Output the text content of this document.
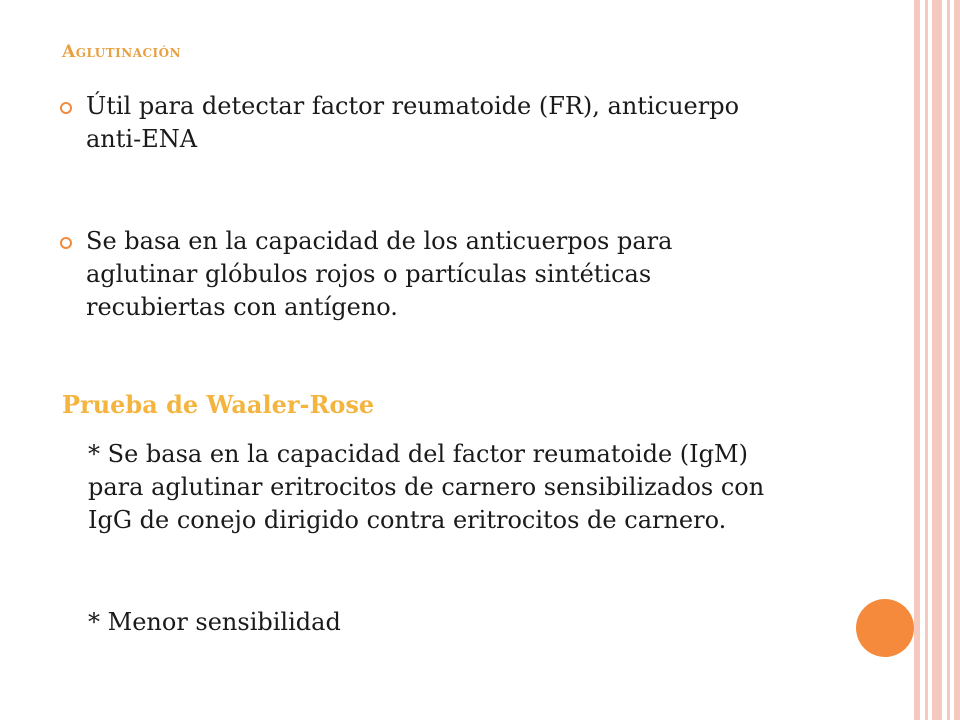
Aglutinación
Útil para detectar factor reumatoide (FR), anticuerpo
anti-ENA
Se basa en la capacidad de los anticuerpos para
aglutinar glóbulos rojos o partículas sintéticas
recubiertas con antígeno.
Prueba de Waaler-Rose
* Se basa en la capacidad del factor reumatoide (IgM)
para aglutinar eritrocitos de carnero sensibilizados con
IgG de conejo dirigido contra eritrocitos de carnero.
* Menor sensibilidad
